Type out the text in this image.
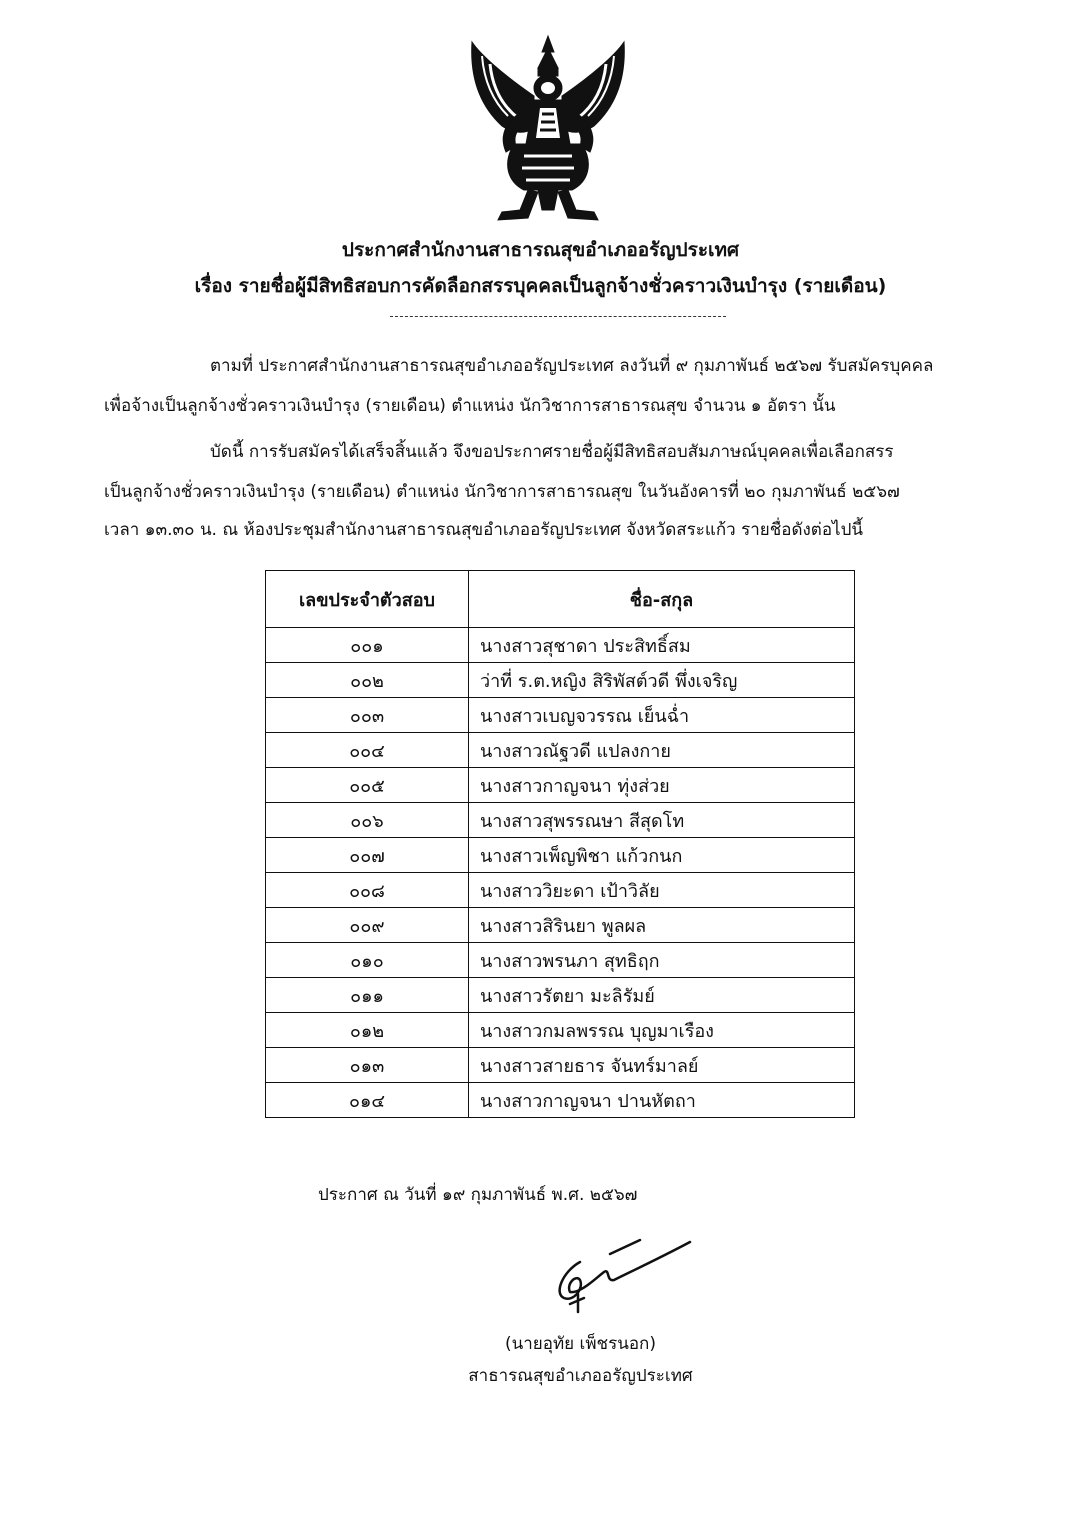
ประกาศสำนักงานสาธารณสุขอำเภออรัญประเทศ
เรื่อง รายชื่อผู้มีสิทธิสอบการคัดลือกสรรบุคคลเป็นลูกจ้างชั่วคราวเงินบำรุง (รายเดือน)
ตามที่ ประกาศสำนักงานสาธารณสุขอำเภออรัญประเทศ ลงวันที่ ๙ กุมภาพันธ์ ๒๕๖๗ รับสมัครบุคคล
เพื่อจ้างเป็นลูกจ้างชั่วคราวเงินบำรุง (รายเดือน) ตำแหน่ง นักวิชาการสาธารณสุข จำนวน ๑ อัตรา นั้น
บัดนี้ การรับสมัครได้เสร็จสิ้นแล้ว จึงขอประกาศรายชื่อผู้มีสิทธิสอบสัมภาษณ์บุคคลเพื่อเลือกสรร
เป็นลูกจ้างชั่วคราวเงินบำรุง (รายเดือน) ตำแหน่ง นักวิชาการสาธารณสุข ในวันอังคารที่ ๒๐ กุมภาพันธ์ ๒๕๖๗
เวลา ๑๓.๓๐ น. ณ ห้องประชุมสำนักงานสาธารณสุขอำเภออรัญประเทศ จังหวัดสระแก้ว รายชื่อดังต่อไปนี้
เลขประจำตัวสอบ	ชื่อ-สกุล
๐๐๑	นางสาวสุชาดา ประสิทธิ์สม
๐๐๒	ว่าที่ ร.ต.หญิง สิริพัสต์วดี พึ่งเจริญ
๐๐๓	นางสาวเบญจวรรณ เย็นฉ่ำ
๐๐๔	นางสาวณัฐวดี แปลงกาย
๐๐๕	นางสาวกาญจนา ทุ่งส่วย
๐๐๖	นางสาวสุพรรณษา สีสุดโท
๐๐๗	นางสาวเพ็ญพิชา แก้วกนก
๐๐๘	นางสาววิยะดา เป้าวิลัย
๐๐๙	นางสาวสิรินยา พูลผล
๐๑๐	นางสาวพรนภา สุทธิฤก
๐๑๑	นางสาวรัตยา มะลิรัมย์
๐๑๒	นางสาวกมลพรรณ บุญมาเรือง
๐๑๓	นางสาวสายธาร จันทร์มาลย์
๐๑๔	นางสาวกาญจนา ปานหัตถา
ประกาศ ณ วันที่ ๑๙ กุมภาพันธ์ พ.ศ. ๒๕๖๗
(นายอุทัย เพ็ชรนอก)
สาธารณสุขอำเภออรัญประเทศ
